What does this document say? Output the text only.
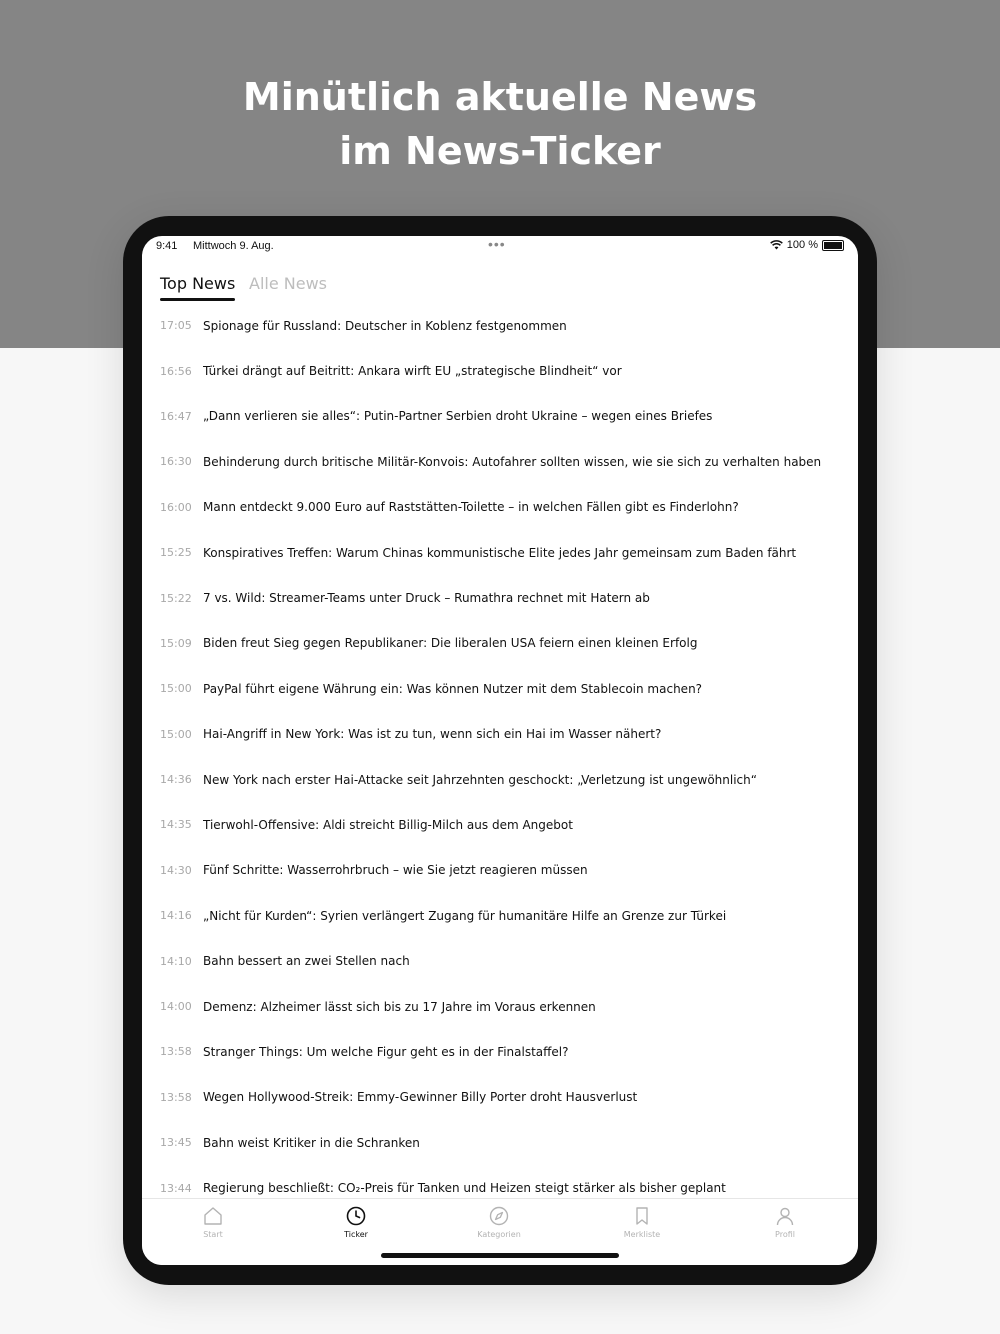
Minütlich aktuelle News
im News-Ticker
9:41 Mittwoch 9. Aug.	•••	100 %
Top News Alle News
17:05 Spionage für Russland: Deutscher in Koblenz festgenommen
16:56 Türkei drängt auf Beitritt: Ankara wirft EU „strategische Blindheit“ vor
16:47 „Dann verlieren sie alles“: Putin-Partner Serbien droht Ukraine – wegen eines Briefes
16:30 Behinderung durch britische Militär-Konvois: Autofahrer sollten wissen, wie sie sich zu verhalten haben
16:00 Mann entdeckt 9.000 Euro auf Raststätten-Toilette – in welchen Fällen gibt es Finderlohn?
15:25 Konspiratives Treffen: Warum Chinas kommunistische Elite jedes Jahr gemeinsam zum Baden fährt
15:22 7 vs. Wild: Streamer-Teams unter Druck – Rumathra rechnet mit Hatern ab
15:09 Biden freut Sieg gegen Republikaner: Die liberalen USA feiern einen kleinen Erfolg
15:00 PayPal führt eigene Währung ein: Was können Nutzer mit dem Stablecoin machen?
15:00 Hai-Angriff in New York: Was ist zu tun, wenn sich ein Hai im Wasser nähert?
14:36 New York nach erster Hai-Attacke seit Jahrzehnten geschockt: „Verletzung ist ungewöhnlich“
14:35 Tierwohl-Offensive: Aldi streicht Billig-Milch aus dem Angebot
14:30 Fünf Schritte: Wasserrohrbruch – wie Sie jetzt reagieren müssen
14:16 „Nicht für Kurden“: Syrien verlängert Zugang für humanitäre Hilfe an Grenze zur Türkei
14:10 Bahn bessert an zwei Stellen nach
14:00 Demenz: Alzheimer lässt sich bis zu 17 Jahre im Voraus erkennen
13:58 Stranger Things: Um welche Figur geht es in der Finalstaffel?
13:58 Wegen Hollywood-Streik: Emmy-Gewinner Billy Porter droht Hausverlust
13:45 Bahn weist Kritiker in die Schranken
13:44 Regierung beschließt: CO₂-Preis für Tanken und Heizen steigt stärker als bisher geplant
Start	Ticker	Kategorien	Merkliste	Profil
